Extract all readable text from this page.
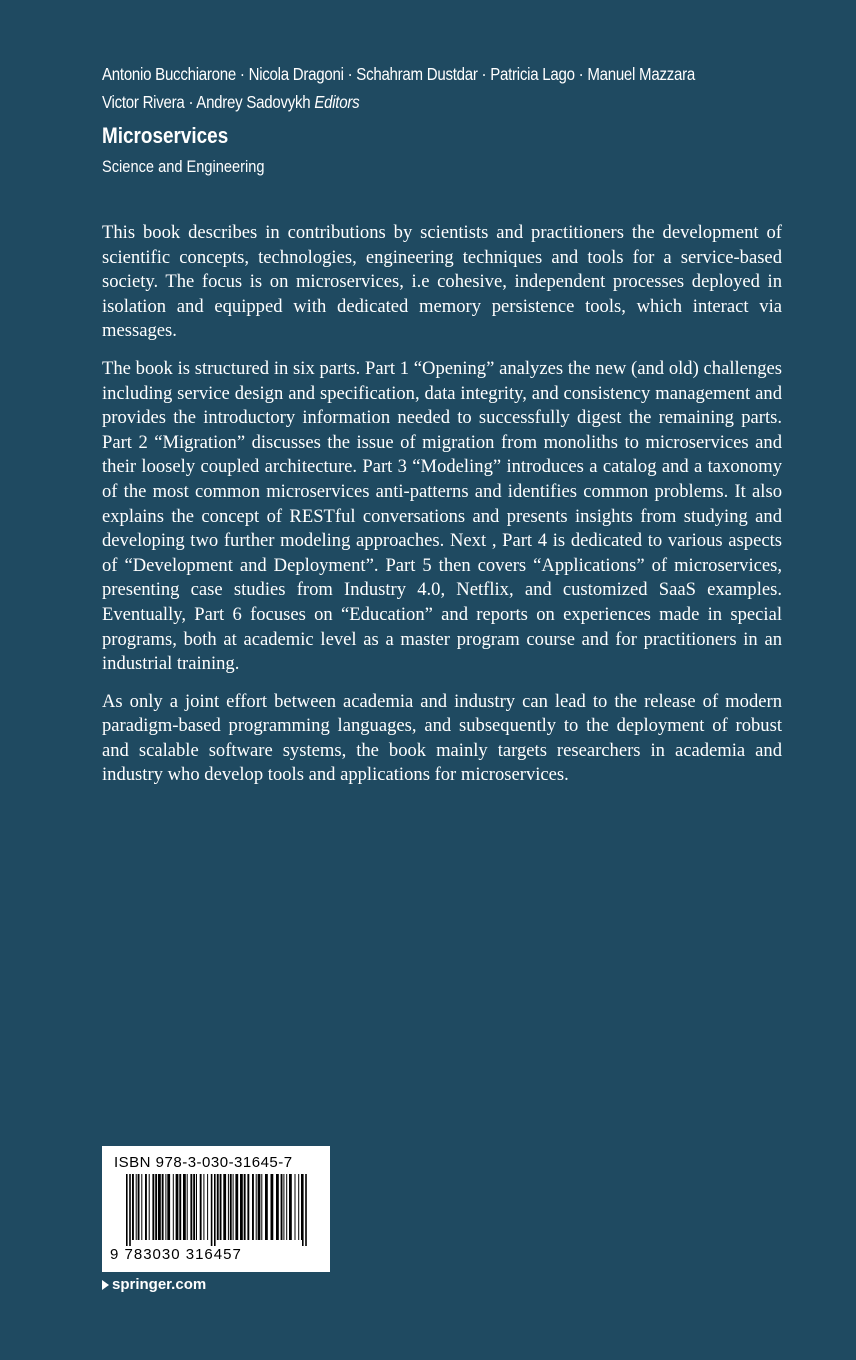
Antonio Bucchiarone · Nicola Dragoni · Schahram Dustdar · Patricia Lago · Manuel Mazzara
Victor Rivera · Andrey Sadovykh Editors
Microservices
Science and Engineering

This book describes in contributions by scientists and practitioners the development of scientific concepts, technologies, engineering techniques and tools for a service-based society. The focus is on microservices, i.e cohesive, independent processes deployed in isolation and equipped with dedicated memory persistence tools, which interact via messages.

The book is structured in six parts. Part 1 “Opening” analyzes the new (and old) challenges including service design and specification, data integrity, and consistency management and provides the introductory information needed to successfully digest the remaining parts. Part 2 “Migration” discusses the issue of migration from monoliths to microservices and their loosely coupled architecture. Part 3 “Modeling” introduces a catalog and a taxonomy of the most common microservices anti-patterns and identifies common problems. It also explains the concept of RESTful conversations and presents insights from studying and developing two further modeling approaches. Next , Part 4 is dedicated to various aspects of “Development and Deployment”. Part 5 then covers “Applications” of microservices, presenting case studies from Industry 4.0, Netflix, and customized SaaS examples. Eventually, Part 6 focuses on “Education” and reports on experiences made in special programs, both at academic level as a master program course and for practitioners in an industrial training.

As only a joint effort between academia and industry can lead to the release of modern paradigm-based programming languages, and subsequently to the deployment of robust and scalable software systems, the book mainly targets researchers in academia and industry who develop tools and applications for microservices.

ISBN 978-3-030-31645-7
9 783030 316457
springer.com
